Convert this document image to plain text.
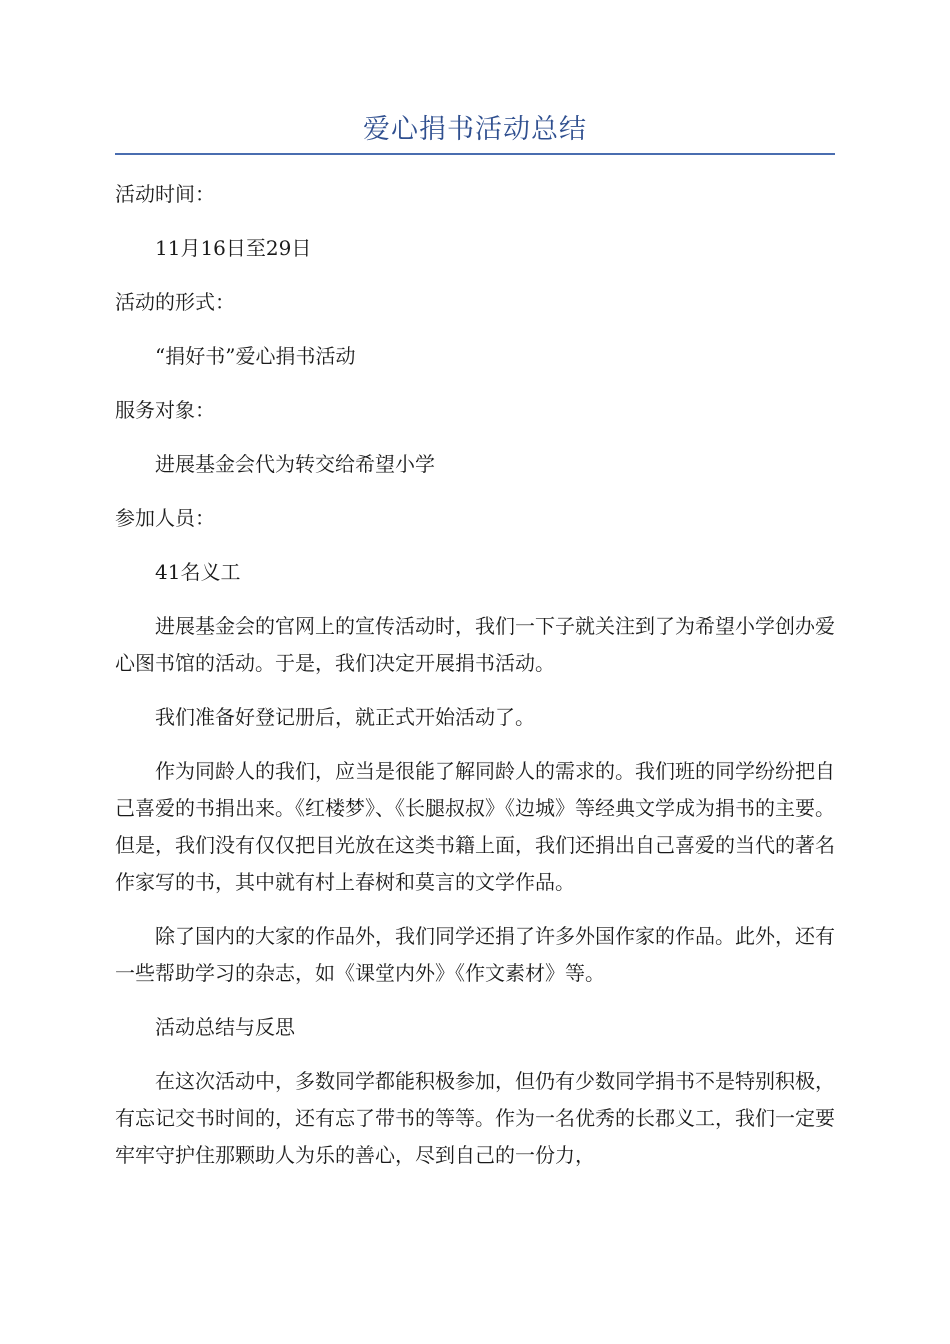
爱心捐书活动总结

活动时间：

11月16日至29日

活动的形式：

“捐好书”爱心捐书活动

服务对象：

进展基金会代为转交给希望小学

参加人员：

41名义工

进展基金会的官网上的宣传活动时，我们一下子就关注到了为希望小学创办爱心图书馆的活动。于是，我们决定开展捐书活动。

我们准备好登记册后，就正式开始活动了。

作为同龄人的我们，应当是很能了解同龄人的需求的。我们班的同学纷纷把自己喜爱的书捐出来。《红楼梦》、《长腿叔叔》《边城》等经典文学成为捐书的主要。但是，我们没有仅仅把目光放在这类书籍上面，我们还捐出自己喜爱的当代的著名作家写的书，其中就有村上春树和莫言的文学作品。

除了国内的大家的作品外，我们同学还捐了许多外国作家的作品。此外，还有一些帮助学习的杂志，如《课堂内外》《作文素材》等。

活动总结与反思

在这次活动中，多数同学都能积极参加，但仍有少数同学捐书不是特别积极，有忘记交书时间的，还有忘了带书的等等。作为一名优秀的长郡义工，我们一定要牢牢守护住那颗助人为乐的善心，尽到自己的一份力，
